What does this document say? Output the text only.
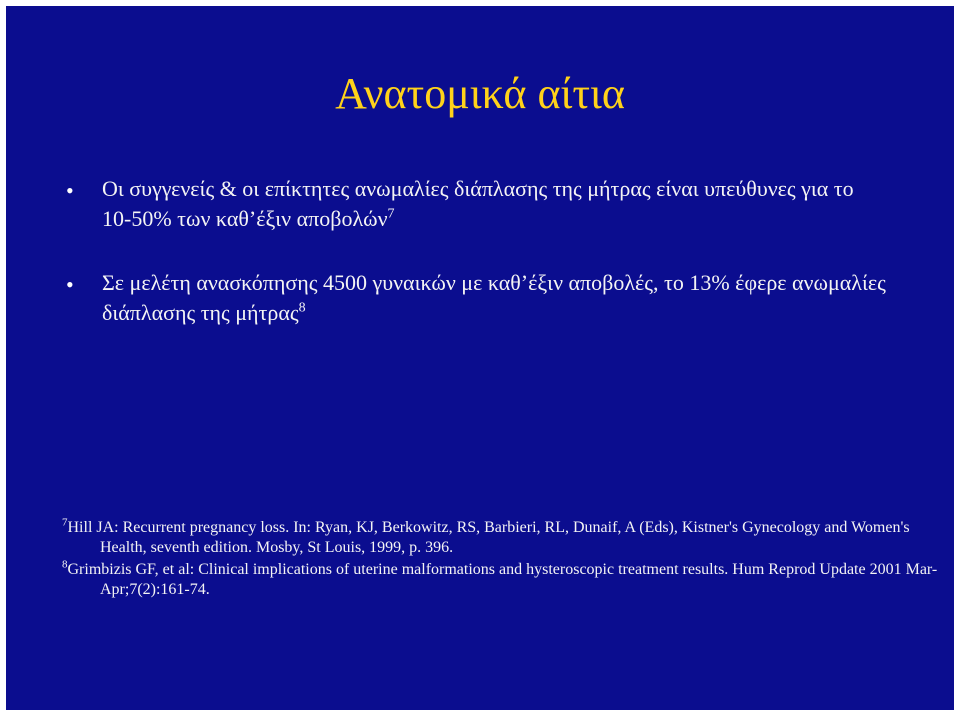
Ανατομικά αίτια
• Οι συγγενείς & οι επίκτητες ανωμαλίες διάπλασης της μήτρας είναι υπεύθυνες για το 10-50% των καθ’έξιν αποβολών$^7$
• Σε μελέτη ανασκόπησης 4500 γυναικών με καθ’έξιν αποβολές, το 13% έφερε ανωμαλίες διάπλασης της μήτρας$^8$

$^7$Hill JA: Recurrent pregnancy loss. In: Ryan, KJ, Berkowitz, RS, Barbieri, RL, Dunaif, A (Eds), Kistner's Gynecology and Women's Health, seventh edition. Mosby, St Louis, 1999, p. 396.

$^8$Grimbizis GF, et al: Clinical implications of uterine malformations and hysteroscopic treatment results. Hum Reprod Update 2001 Mar-Apr;7(2):161-74.
